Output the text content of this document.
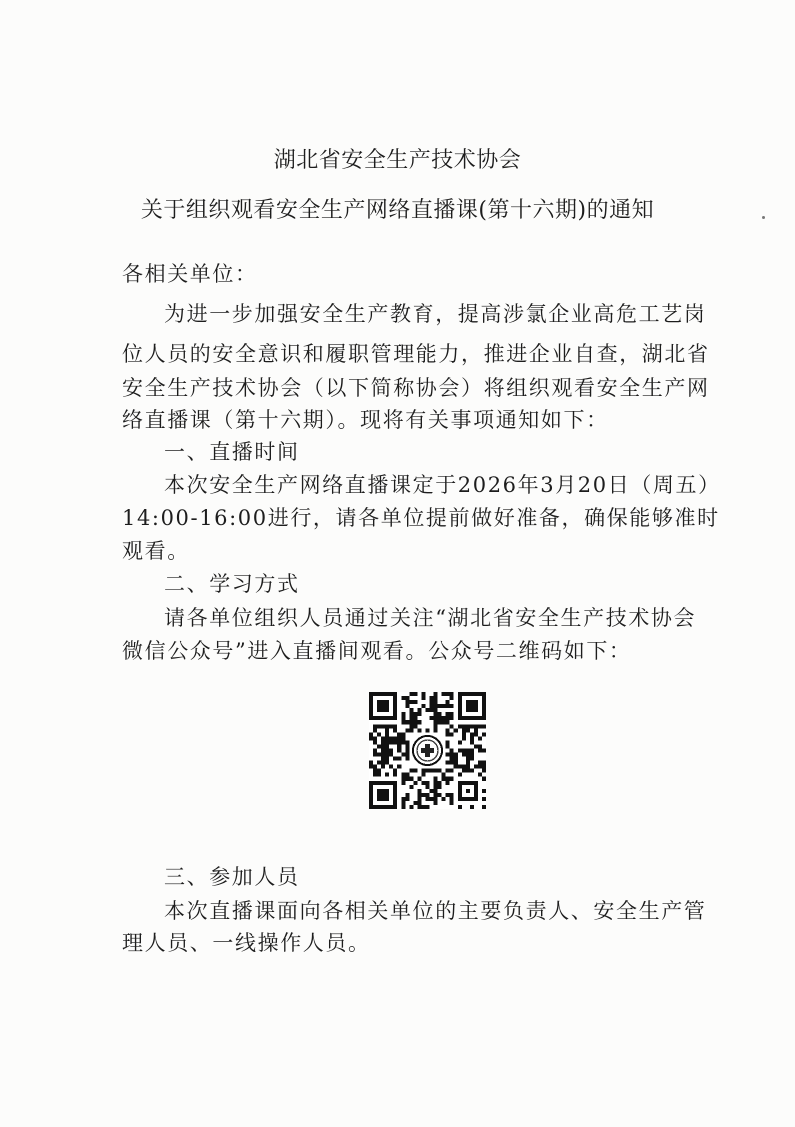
湖北省安全生产技术协会
关于组织观看安全生产网络直播课(第十六期)的通知
各相关单位：
为进一步加强安全生产教育，提高涉氯企业高危工艺岗
位人员的安全意识和履职管理能力，推进企业自查，湖北省
安全生产技术协会（以下简称协会）将组织观看安全生产网
络直播课（第十六期）。现将有关事项通知如下：
一、直播时间
本次安全生产网络直播课定于2026年3月20日（周五）
14:00-16:00进行，请各单位提前做好准备，确保能够准时
观看。
二、学习方式
请各单位组织人员通过关注“湖北省安全生产技术协会
微信公众号”进入直播间观看。公众号二维码如下：
三、参加人员
本次直播课面向各相关单位的主要负责人、安全生产管
理人员、一线操作人员。
